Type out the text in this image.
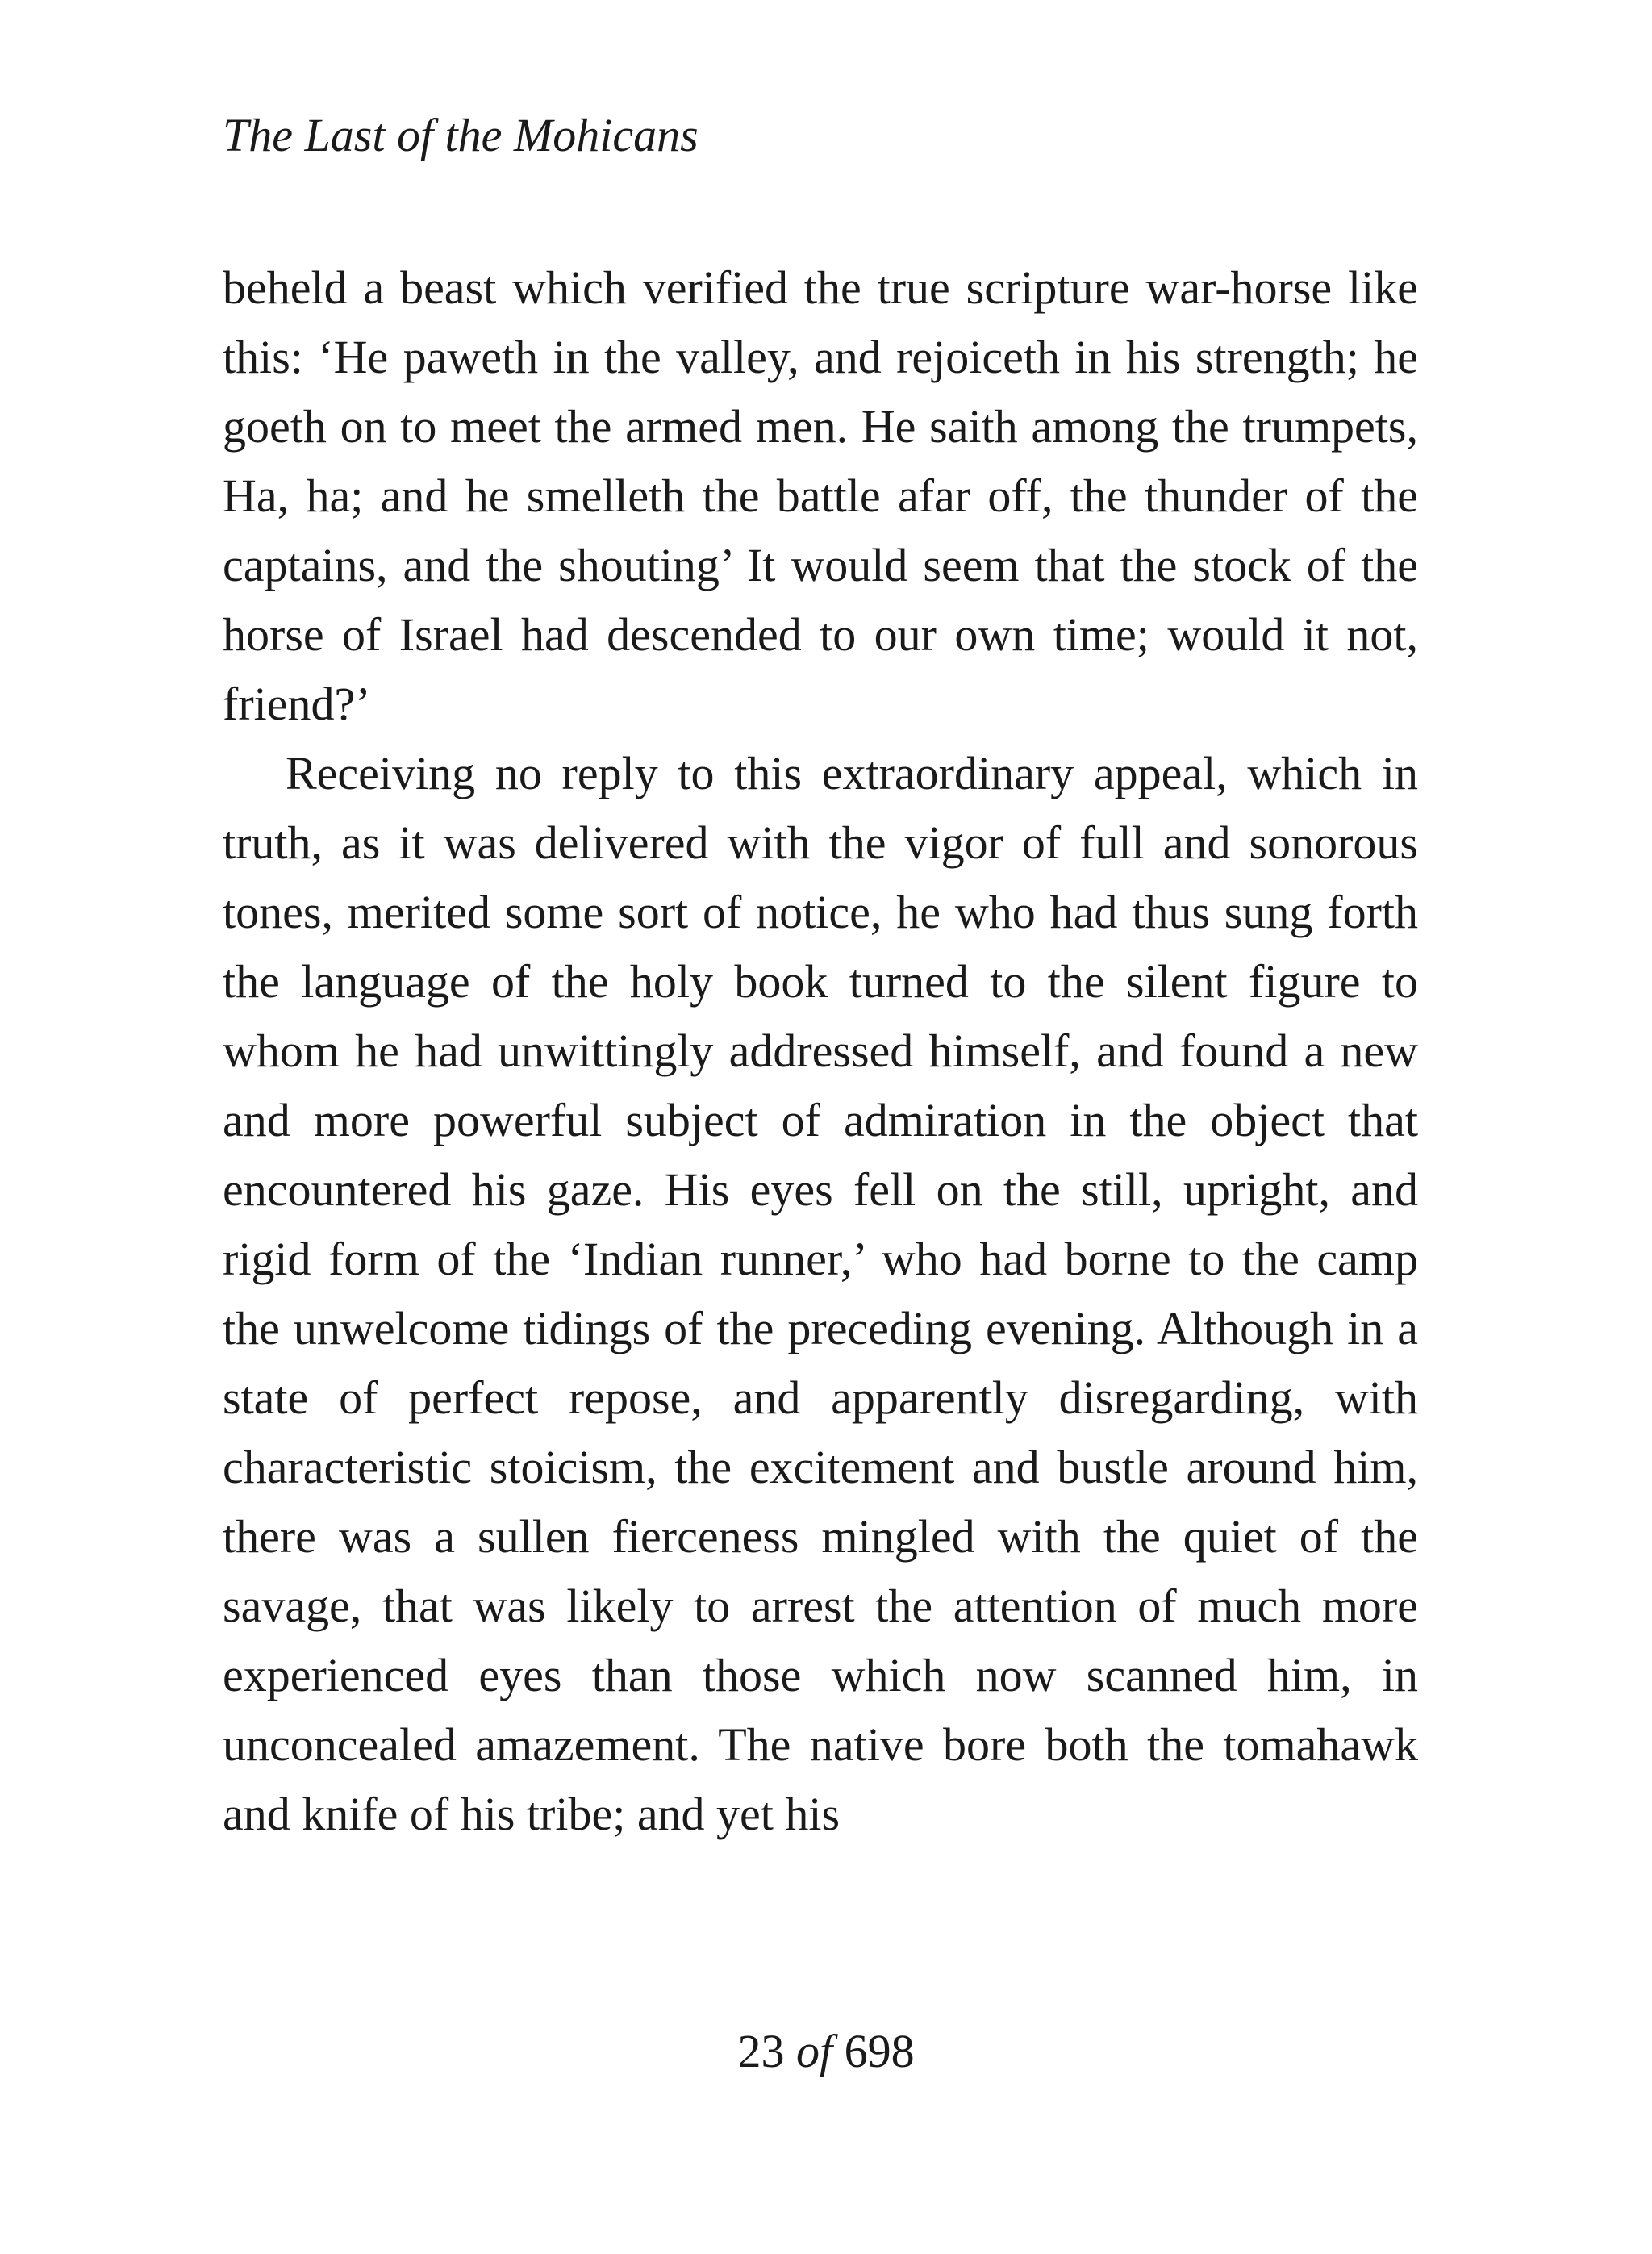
The Last of the Mohicans

beheld a beast which verified the true scripture war-horse like this: ‘He paweth in the valley, and rejoiceth in his strength; he goeth on to meet the armed men. He saith among the trumpets, Ha, ha; and he smelleth the battle afar off, the thunder of the captains, and the shouting’ It would seem that the stock of the horse of Israel had descended to our own time; would it not, friend?’

Receiving no reply to this extraordinary appeal, which in truth, as it was delivered with the vigor of full and sonorous tones, merited some sort of notice, he who had thus sung forth the language of the holy book turned to the silent figure to whom he had unwittingly addressed himself, and found a new and more powerful subject of admiration in the object that encountered his gaze. His eyes fell on the still, upright, and rigid form of the ‘Indian runner,’ who had borne to the camp the unwelcome tidings of the preceding evening. Although in a state of perfect repose, and apparently disregarding, with characteristic stoicism, the excitement and bustle around him, there was a sullen fierceness mingled with the quiet of the savage, that was likely to arrest the attention of much more experienced eyes than those which now scanned him, in unconcealed amazement. The native bore both the tomahawk and knife of his tribe; and yet his

23 of 698
